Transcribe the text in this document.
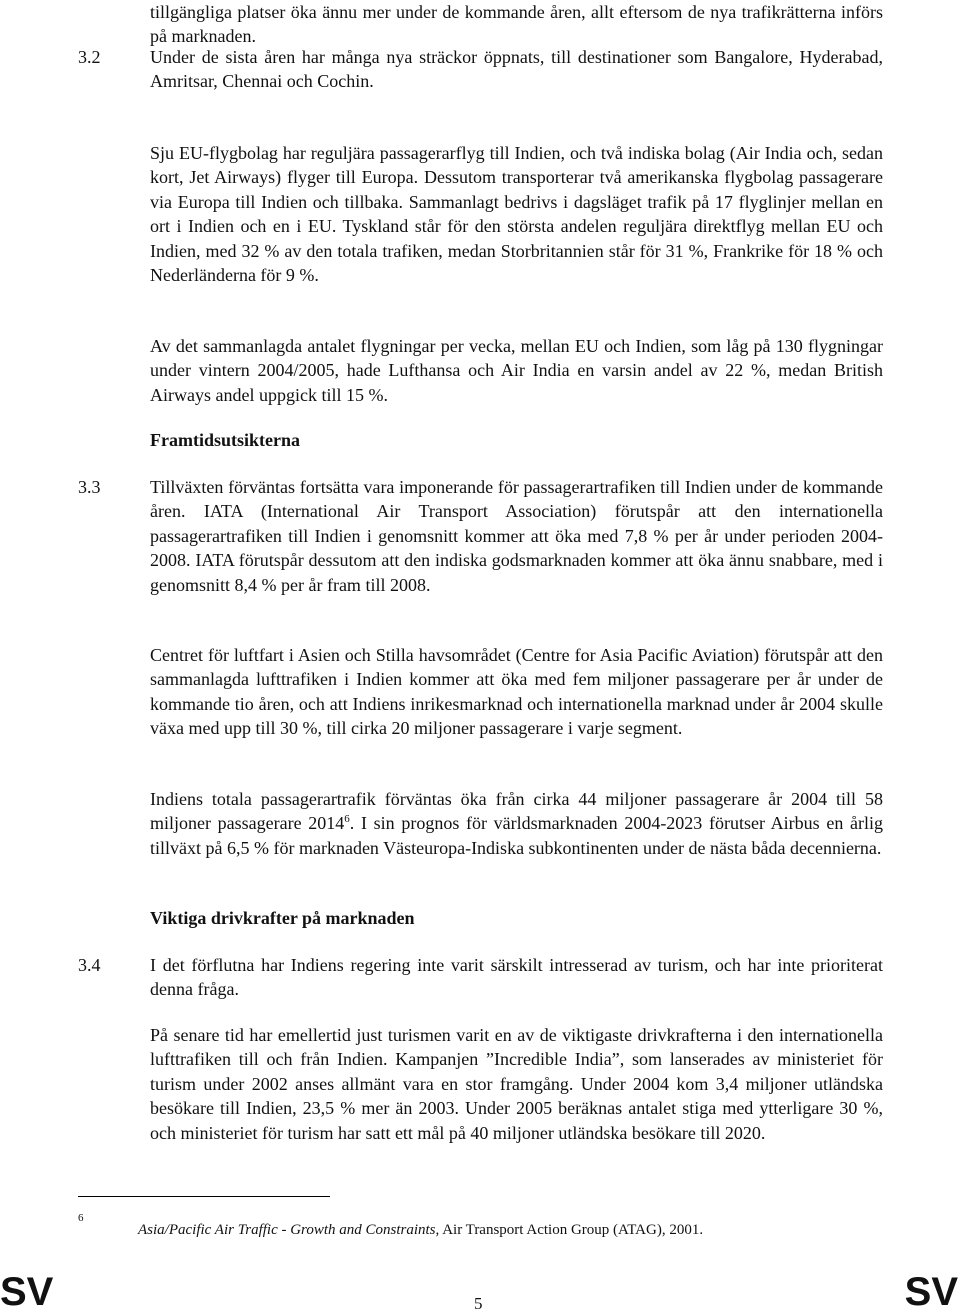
tillgängliga platser öka ännu mer under de kommande åren, allt eftersom de nya trafikrätterna införs på marknaden.

3.2	Under de sista åren har många nya sträckor öppnats, till destinationer som Bangalore, Hyderabad, Amritsar, Chennai och Cochin.

Sju EU-flygbolag har reguljära passagerarflyg till Indien, och två indiska bolag (Air India och, sedan kort, Jet Airways) flyger till Europa. Dessutom transporterar två amerikanska flygbolag passagerare via Europa till Indien och tillbaka. Sammanlagt bedrivs i dagsläget trafik på 17 flyglinjer mellan en ort i Indien och en i EU. Tyskland står för den största andelen reguljära direktflyg mellan EU och Indien, med 32 % av den totala trafiken, medan Storbritannien står för 31 %, Frankrike för 18 % och Nederländerna för 9 %.

Av det sammanlagda antalet flygningar per vecka, mellan EU och Indien, som låg på 130 flygningar under vintern 2004/2005, hade Lufthansa och Air India en varsin andel av 22 %, medan British Airways andel uppgick till 15 %.

Framtidsutsikterna

3.3	Tillväxten förväntas fortsätta vara imponerande för passagerartrafiken till Indien under de kommande åren. IATA (International Air Transport Association) förutspår att den internationella passagerartrafiken till Indien i genomsnitt kommer att öka med 7,8 % per år under perioden 2004-2008. IATA förutspår dessutom att den indiska godsmarknaden kommer att öka ännu snabbare, med i genomsnitt 8,4 % per år fram till 2008.

Centret för luftfart i Asien och Stilla havsområdet (Centre for Asia Pacific Aviation) förutspår att den sammanlagda lufttrafiken i Indien kommer att öka med fem miljoner passagerare per år under de kommande tio åren, och att Indiens inrikesmarknad och internationella marknad under år 2004 skulle växa med upp till 30 %, till cirka 20 miljoner passagerare i varje segment.

Indiens totala passagerartrafik förväntas öka från cirka 44 miljoner passagerare år 2004 till 58 miljoner passagerare 2014$^6$. I sin prognos för världsmarknaden 2004-2023 förutser Airbus en årlig tillväxt på 6,5 % för marknaden Västeuropa-Indiska subkontinenten under de nästa båda decennierna.

Viktiga drivkrafter på marknaden

3.4	I det förflutna har Indiens regering inte varit särskilt intresserad av turism, och har inte prioriterat denna fråga.

På senare tid har emellertid just turismen varit en av de viktigaste drivkrafterna i den internationella lufttrafiken till och från Indien. Kampanjen ”Incredible India”, som lanserades av ministeriet för turism under 2002 anses allmänt vara en stor framgång. Under 2004 kom 3,4 miljoner utländska besökare till Indien, 23,5 % mer än 2003. Under 2005 beräknas antalet stiga med ytterligare 30 %, och ministeriet för turism har satt ett mål på 40 miljoner utländska besökare till 2020.

6
Asia/Pacific Air Traffic - Growth and Constraints, Air Transport Action Group (ATAG), 2001.
SV	5	SV
